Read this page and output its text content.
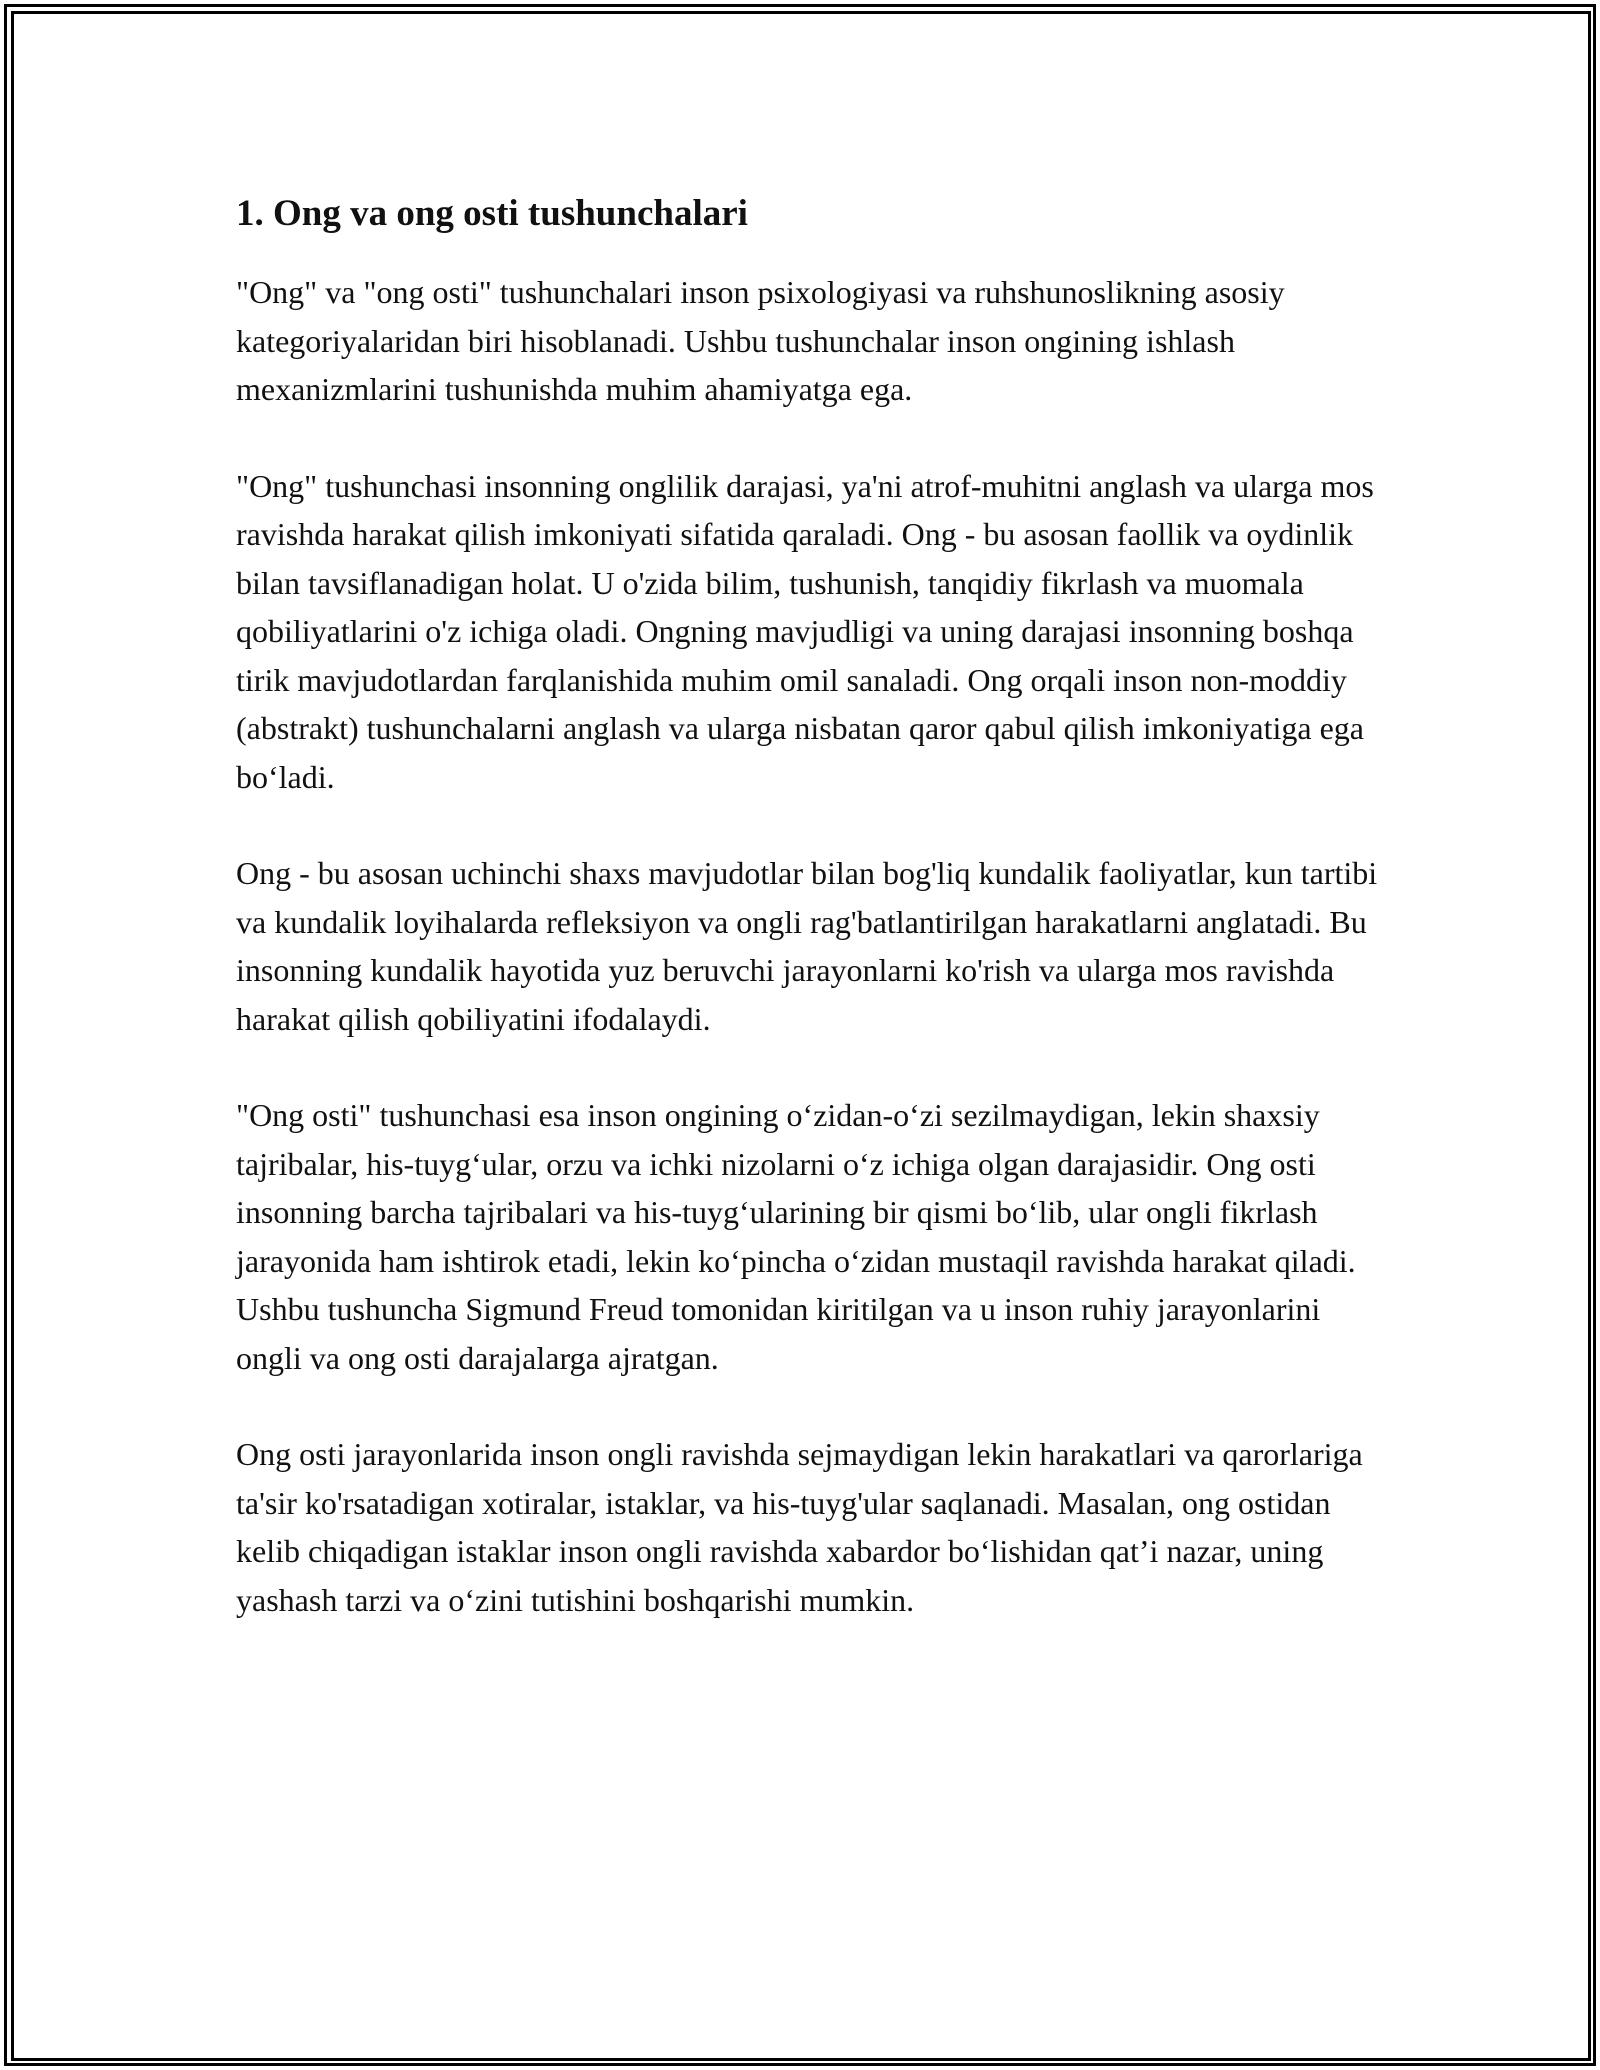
1. Ong va ong osti tushunchalari

"Ong" va "ong osti" tushunchalari inson psixologiyasi va ruhshunoslikning asosiy kategoriyalaridan biri hisoblanadi. Ushbu tushunchalar inson ongining ishlash mexanizmlarini tushunishda muhim ahamiyatga ega.

"Ong" tushunchasi insonning onglilik darajasi, ya'ni atrof-muhitni anglash va ularga mos ravishda harakat qilish imkoniyati sifatida qaraladi. Ong - bu asosan faollik va oydinlik bilan tavsiflanadigan holat. U o'zida bilim, tushunish, tanqidiy fikrlash va muomala qobiliyatlarini o'z ichiga oladi. Ongning mavjudligi va uning darajasi insonning boshqa tirik mavjudotlardan farqlanishida muhim omil sanaladi. Ong orqali inson non-moddiy (abstrakt) tushunchalarni anglash va ularga nisbatan qaror qabul qilish imkoniyatiga ega bo‘ladi.

Ong - bu asosan uchinchi shaxs mavjudotlar bilan bog'liq kundalik faoliyatlar, kun tartibi va kundalik loyihalarda refleksiyon va ongli rag'batlantirilgan harakatlarni anglatadi. Bu insonning kundalik hayotida yuz beruvchi jarayonlarni ko'rish va ularga mos ravishda harakat qilish qobiliyatini ifodalaydi.

"Ong osti" tushunchasi esa inson ongining o‘zidan-o‘zi sezilmaydigan, lekin shaxsiy tajribalar, his-tuyg‘ular, orzu va ichki nizolarni o‘z ichiga olgan darajasidir. Ong osti insonning barcha tajribalari va his-tuyg‘ularining bir qismi bo‘lib, ular ongli fikrlash jarayonida ham ishtirok etadi, lekin ko‘pincha o‘zidan mustaqil ravishda harakat qiladi. Ushbu tushuncha Sigmund Freud tomonidan kiritilgan va u inson ruhiy jarayonlarini ongli va ong osti darajalarga ajratgan.

Ong osti jarayonlarida inson ongli ravishda sejmaydigan lekin harakatlari va qarorlariga ta'sir ko'rsatadigan xotiralar, istaklar, va his-tuyg'ular saqlanadi. Masalan, ong ostidan kelib chiqadigan istaklar inson ongli ravishda xabardor bo‘lishidan qat’i nazar, uning yashash tarzi va o‘zini tutishini boshqarishi mumkin.
